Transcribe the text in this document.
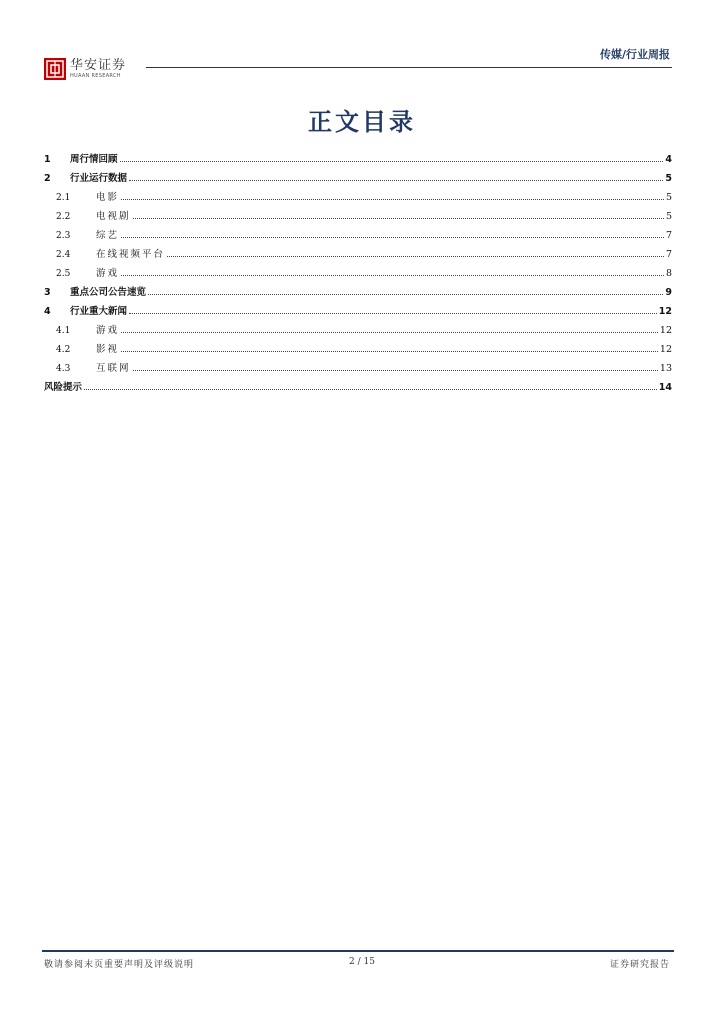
传媒/行业周报
华安证券
HUAAN RESEARCH
正文目录
1	周行情回顾	4
2	行业运行数据	5
2.1	电影	5
2.2	电视剧	5
2.3	综艺	7
2.4	在线视频平台	7
2.5	游戏	8
3	重点公司公告速览	9
4	行业重大新闻	12
4.1	游戏	12
4.2	影视	12
4.3	互联网	13
风险提示	14
敬请参阅末页重要声明及评级说明	2 / 15	证券研究报告
